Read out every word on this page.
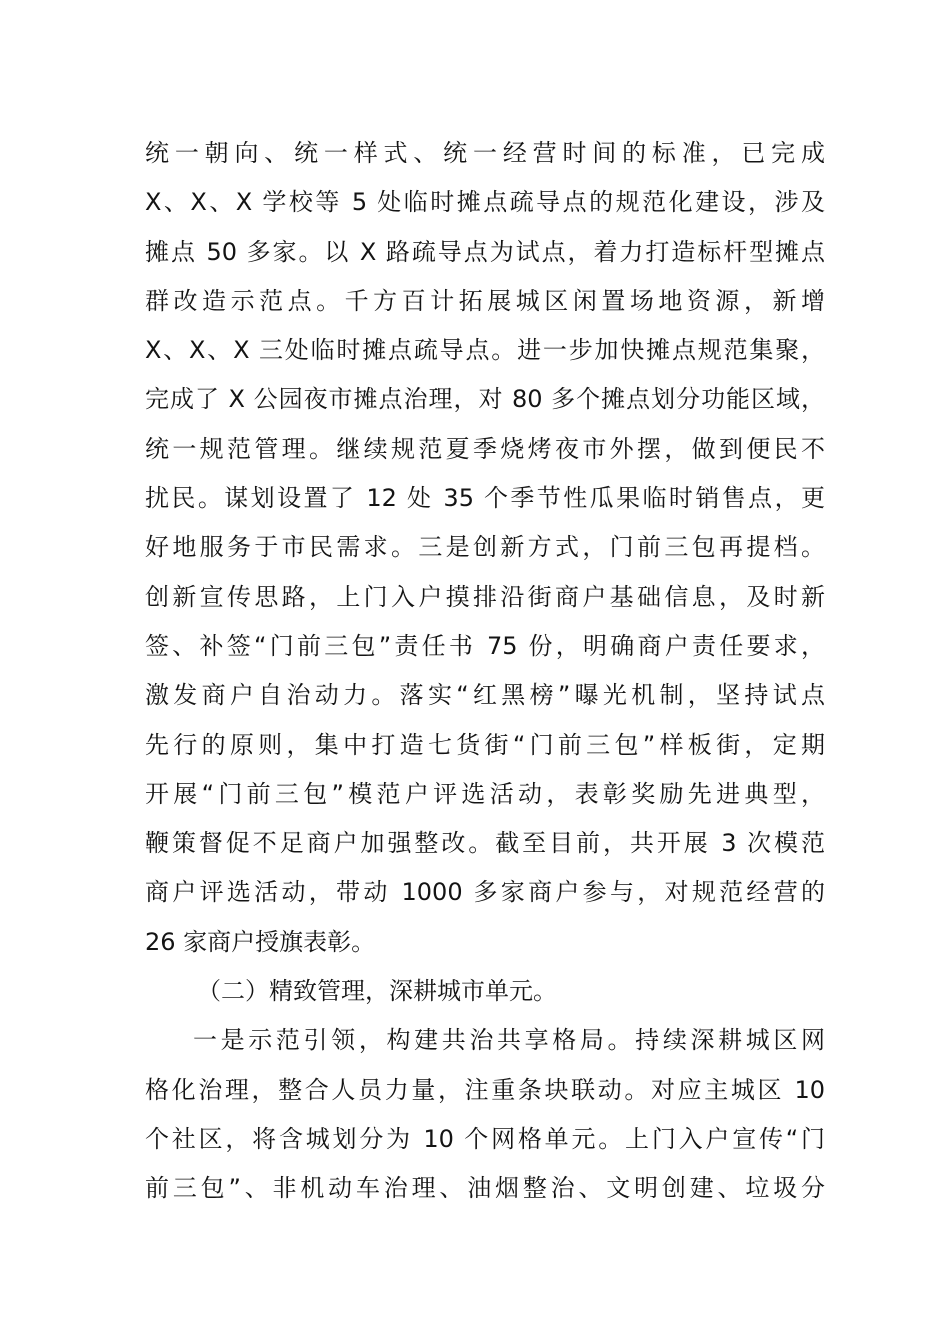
统一朝向、统一样式、统一经营时间的标准，已完成
X、X、X 学校等 5 处临时摊点疏导点的规范化建设，涉及
摊点 50 多家。以 X 路疏导点为试点，着力打造标杆型摊点
群改造示范点。千方百计拓展城区闲置场地资源，新增
X、X、X 三处临时摊点疏导点。进一步加快摊点规范集聚，
完成了 X 公园夜市摊点治理，对 80 多个摊点划分功能区域，
统一规范管理。继续规范夏季烧烤夜市外摆，做到便民不
扰民。谋划设置了 12 处 35 个季节性瓜果临时销售点，更
好地服务于市民需求。三是创新方式，门前三包再提档。
创新宣传思路，上门入户摸排沿街商户基础信息，及时新
签、补签“门前三包”责任书 75 份，明确商户责任要求，
激发商户自治动力。落实“红黑榜”曝光机制，坚持试点
先行的原则，集中打造七货街“门前三包”样板街，定期
开展“门前三包”模范户评选活动，表彰奖励先进典型，
鞭策督促不足商户加强整改。截至目前，共开展 3 次模范
商户评选活动，带动 1000 多家商户参与，对规范经营的
26 家商户授旗表彰。
（二）精致管理，深耕城市单元。
一是示范引领，构建共治共享格局。持续深耕城区网
格化治理，整合人员力量，注重条块联动。对应主城区 10
个社区，将含城划分为 10 个网格单元。上门入户宣传“门
前三包”、非机动车治理、油烟整治、文明创建、垃圾分
